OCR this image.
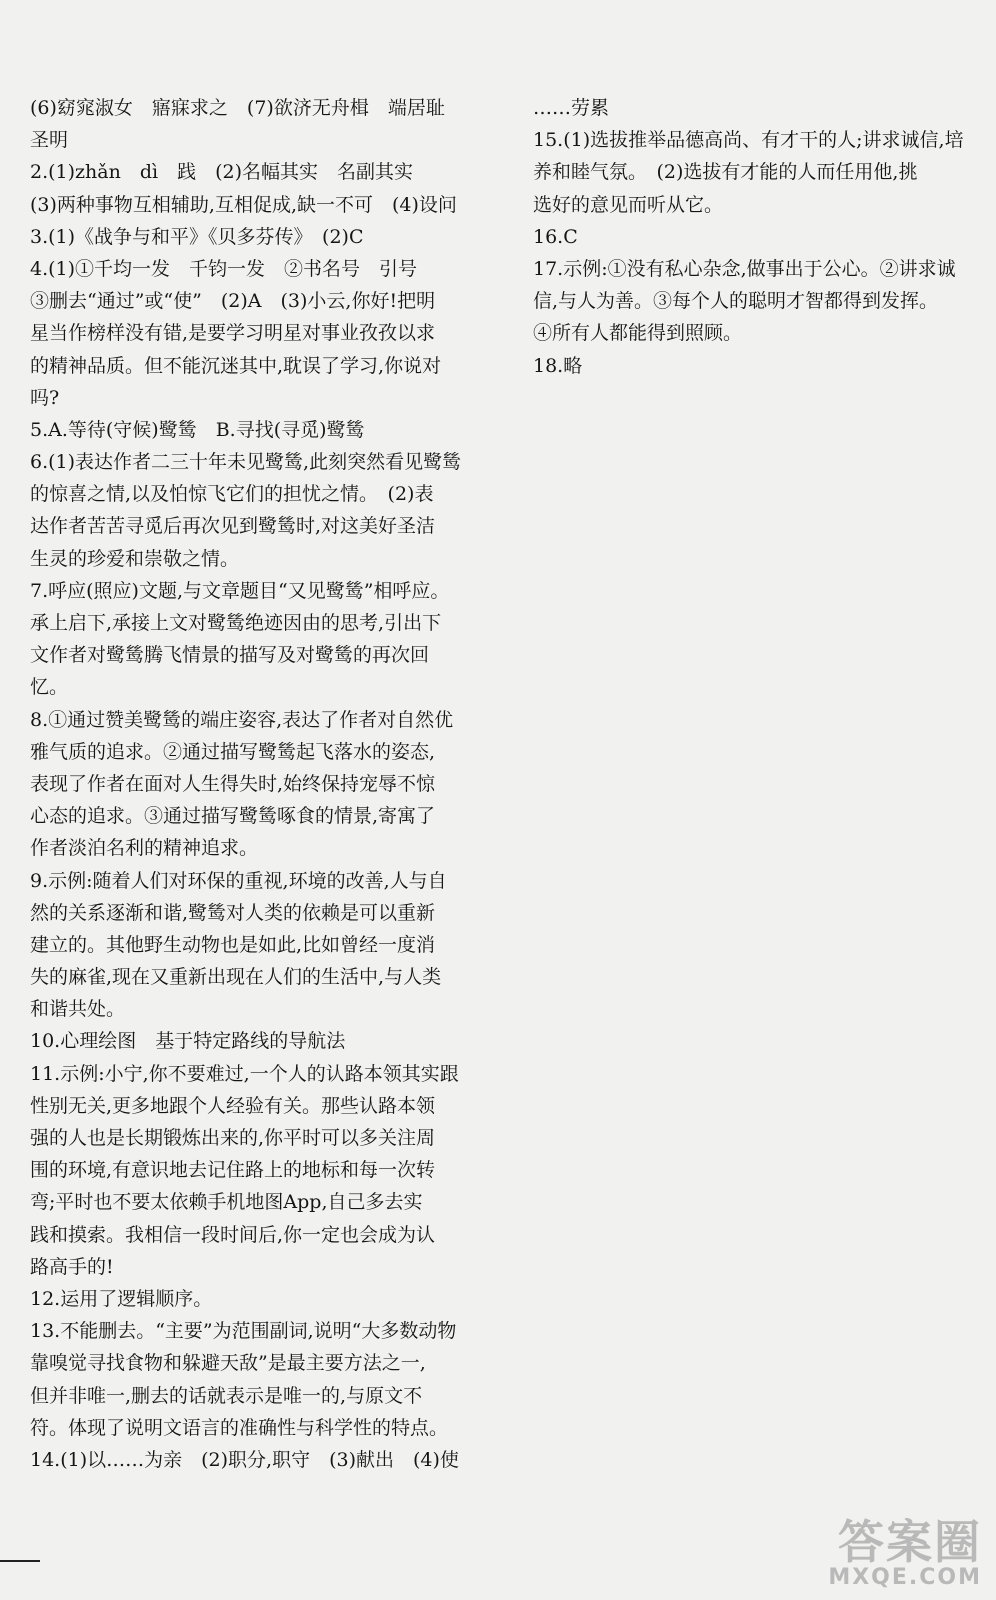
(6)窈窕淑女　寤寐求之　(7)欲济无舟楫　端居耻
圣明
2.(1)zhǎn　dì　践　(2)名幅其实　名副其实
(3)两种事物互相辅助,互相促成,缺一不可　(4)设问
3.(1)《战争与和平》《贝多芬传》　(2)C
4.(1)①千均一发　千钧一发　②书名号　引号
③删去“通过”或“使”　(2)A　(3)小云,你好!把明
星当作榜样没有错,是要学习明星对事业孜孜以求
的精神品质。但不能沉迷其中,耽误了学习,你说对
吗?
5.A.等待(守候)鹭鸶　B.寻找(寻觅)鹭鸶
6.(1)表达作者二三十年未见鹭鸶,此刻突然看见鹭鸶
的惊喜之情,以及怕惊飞它们的担忧之情。　(2)表
达作者苦苦寻觅后再次见到鹭鸶时,对这美好圣洁
生灵的珍爱和崇敬之情。
7.呼应(照应)文题,与文章题目“又见鹭鸶”相呼应。
承上启下,承接上文对鹭鸶绝迹因由的思考,引出下
文作者对鹭鸶腾飞情景的描写及对鹭鸶的再次回
忆。
8.①通过赞美鹭鸶的端庄姿容,表达了作者对自然优
雅气质的追求。②通过描写鹭鸶起飞落水的姿态,
表现了作者在面对人生得失时,始终保持宠辱不惊
心态的追求。③通过描写鹭鸶啄食的情景,寄寓了
作者淡泊名利的精神追求。
9.示例:随着人们对环保的重视,环境的改善,人与自
然的关系逐渐和谐,鹭鸶对人类的依赖是可以重新
建立的。其他野生动物也是如此,比如曾经一度消
失的麻雀,现在又重新出现在人们的生活中,与人类
和谐共处。
10.心理绘图　基于特定路线的导航法
11.示例:小宁,你不要难过,一个人的认路本领其实跟
性别无关,更多地跟个人经验有关。那些认路本领
强的人也是长期锻炼出来的,你平时可以多关注周
围的环境,有意识地去记住路上的地标和每一次转
弯;平时也不要太依赖手机地图App,自己多去实
践和摸索。我相信一段时间后,你一定也会成为认
路高手的!
12.运用了逻辑顺序。
13.不能删去。“主要”为范围副词,说明“大多数动物
靠嗅觉寻找食物和躲避天敌”是最主要方法之一,
但并非唯一,删去的话就表示是唯一的,与原文不
符。体现了说明文语言的准确性与科学性的特点。
14.(1)以……为亲　(2)职分,职守　(3)献出　(4)使
……劳累
15.(1)选拔推举品德高尚、有才干的人;讲求诚信,培
养和睦气氛。　(2)选拔有才能的人而任用他,挑
选好的意见而听从它。
16.C
17.示例:①没有私心杂念,做事出于公心。②讲求诚
信,与人为善。③每个人的聪明才智都得到发挥。
④所有人都能得到照顾。
18.略
答案圈
MXQE.COM
